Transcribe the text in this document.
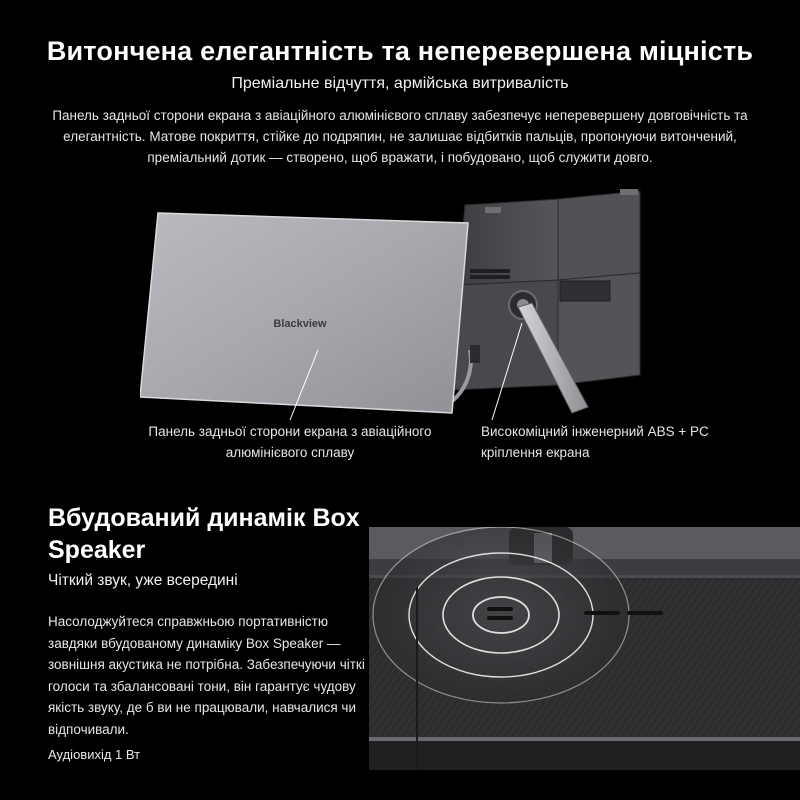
Витончена елегантність та неперевершена міцність
Преміальне відчуття, армійська витривалість

Панель задньої сторони екрана з авіаційного алюмінієвого сплаву забезпечує неперевершену довговічність та елегантність. Матове покриття, стійке до подряпин, не залишає відбитків пальців, пропонуючи витончений, преміальний дотик — створено, щоб вражати, і побудовано, щоб служити довго.

Blackview
Панель задньої сторони екрана з авіаційного алюмінієвого сплаву
Високоміцний інженерний ABS + PC кріплення екрана
Вбудований динамік Box Speaker
Чіткий звук, уже всередині

Насолоджуйтеся справжньою портативністю завдяки вбудованому динаміку Box Speaker — зовнішня акустика не потрібна. Забезпечуючи чіткі голоси та збалансовані тони, він гарантує чудову якість звуку, де б ви не працювали, навчалися чи відпочивали.

Аудіовихід 1 Вт
